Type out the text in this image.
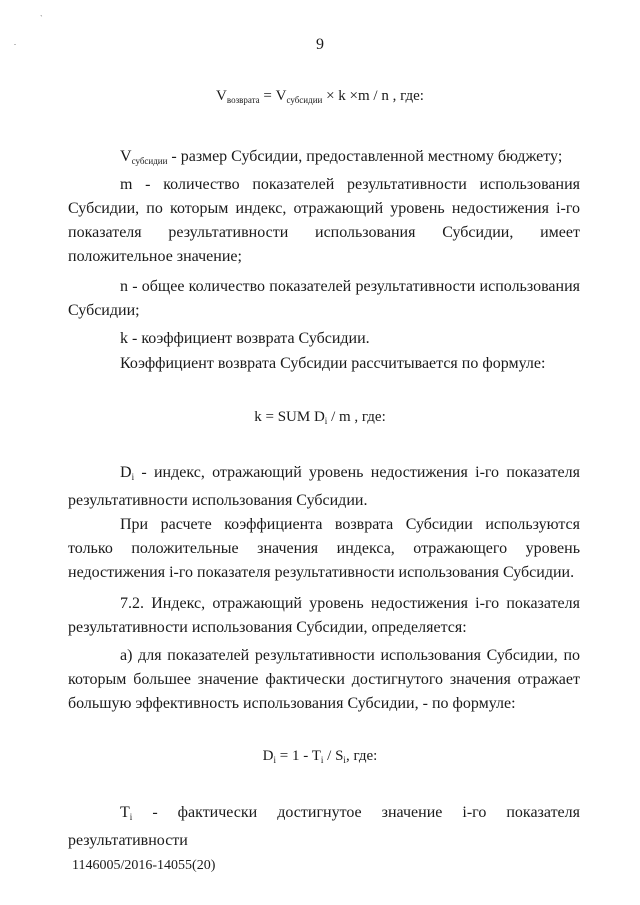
`
.	9
$V_{возврата} = V_{субсидии} \times k \times m / n$ , где:

$V_{субсидии}$ - размер Субсидии, предоставленной местному бюджету;

m - количество показателей результативности использования Субсидии, по которым индекс, отражающий уровень недостижения i-го показателя результативности использования Субсидии, имеет положительное значение;

n - общее количество показателей результативности использования Субсидии;

k - коэффициент возврата Субсидии.

Коэффициент возврата Субсидии рассчитывается по формуле:

k = SUM $D_i$ / m , где:

$D_i$ - индекс, отражающий уровень недостижения i-го показателя результативности использования Субсидии.

При расчете коэффициента возврата Субсидии используются только положительные значения индекса, отражающего уровень недостижения i-го показателя результативности использования Субсидии.

7.2. Индекс, отражающий уровень недостижения i-го показателя результативности использования Субсидии, определяется:

а) для показателей результативности использования Субсидии, по которым большее значение фактически достигнутого значения отражает большую эффективность использования Субсидии, - по формуле:

$D_i = 1 - T_i / S_i$, где:

$T_i$ - фактически достигнутое значение i-го показателя результативности

1146005/2016-14055(20)
